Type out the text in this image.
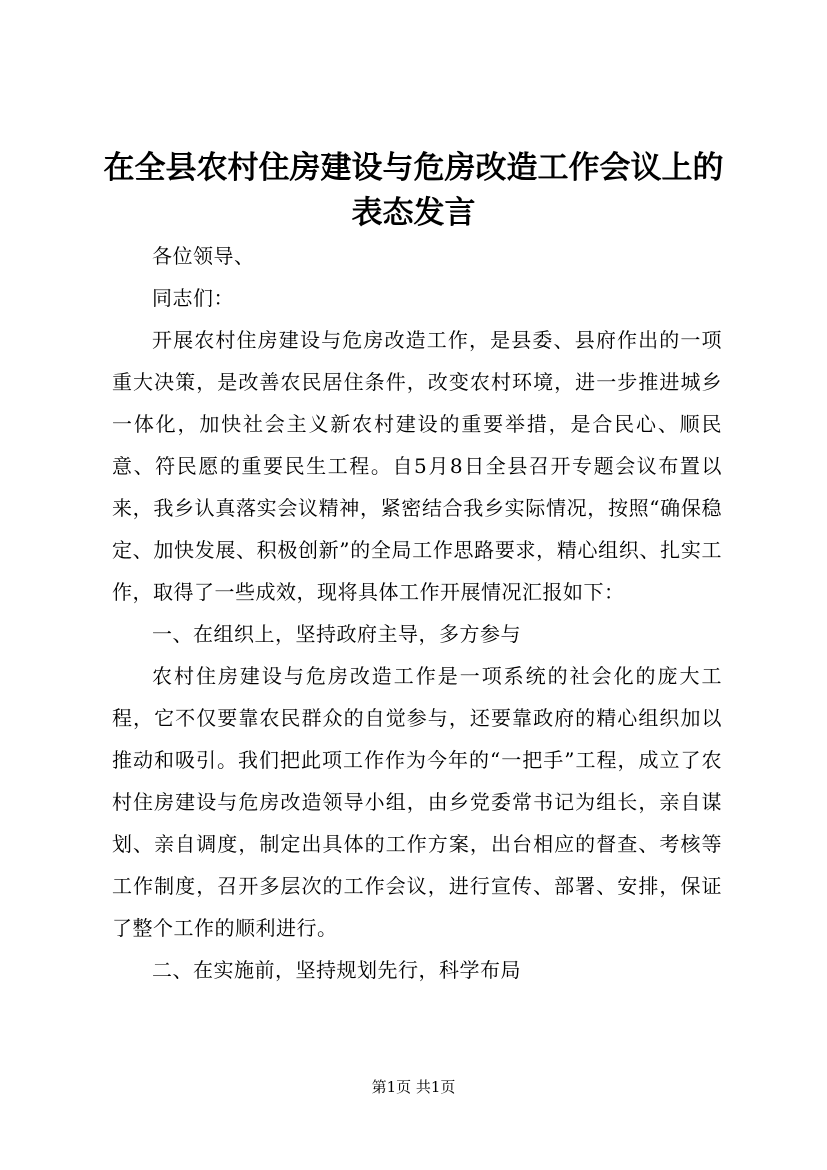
在全县农村住房建设与危房改造工作会议上的
表态发言

各位领导、

同志们：

开展农村住房建设与危房改造工作，是县委、县府作出的一项重大决策，是改善农民居住条件，改变农村环境，进一步推进城乡一体化，加快社会主义新农村建设的重要举措，是合民心、顺民意、符民愿的重要民生工程。自5月8日全县召开专题会议布置以来，我乡认真落实会议精神，紧密结合我乡实际情况，按照“确保稳定、加快发展、积极创新”的全局工作思路要求，精心组织、扎实工作，取得了一些成效，现将具体工作开展情况汇报如下：

一、在组织上，坚持政府主导，多方参与

农村住房建设与危房改造工作是一项系统的社会化的庞大工程，它不仅要靠农民群众的自觉参与，还要靠政府的精心组织加以推动和吸引。我们把此项工作作为今年的“一把手”工程，成立了农村住房建设与危房改造领导小组，由乡党委常书记为组长，亲自谋划、亲自调度，制定出具体的工作方案，出台相应的督查、考核等工作制度，召开多层次的工作会议，进行宣传、部署、安排，保证了整个工作的顺利进行。

二、在实施前，坚持规划先行，科学布局

第1页 共1页
